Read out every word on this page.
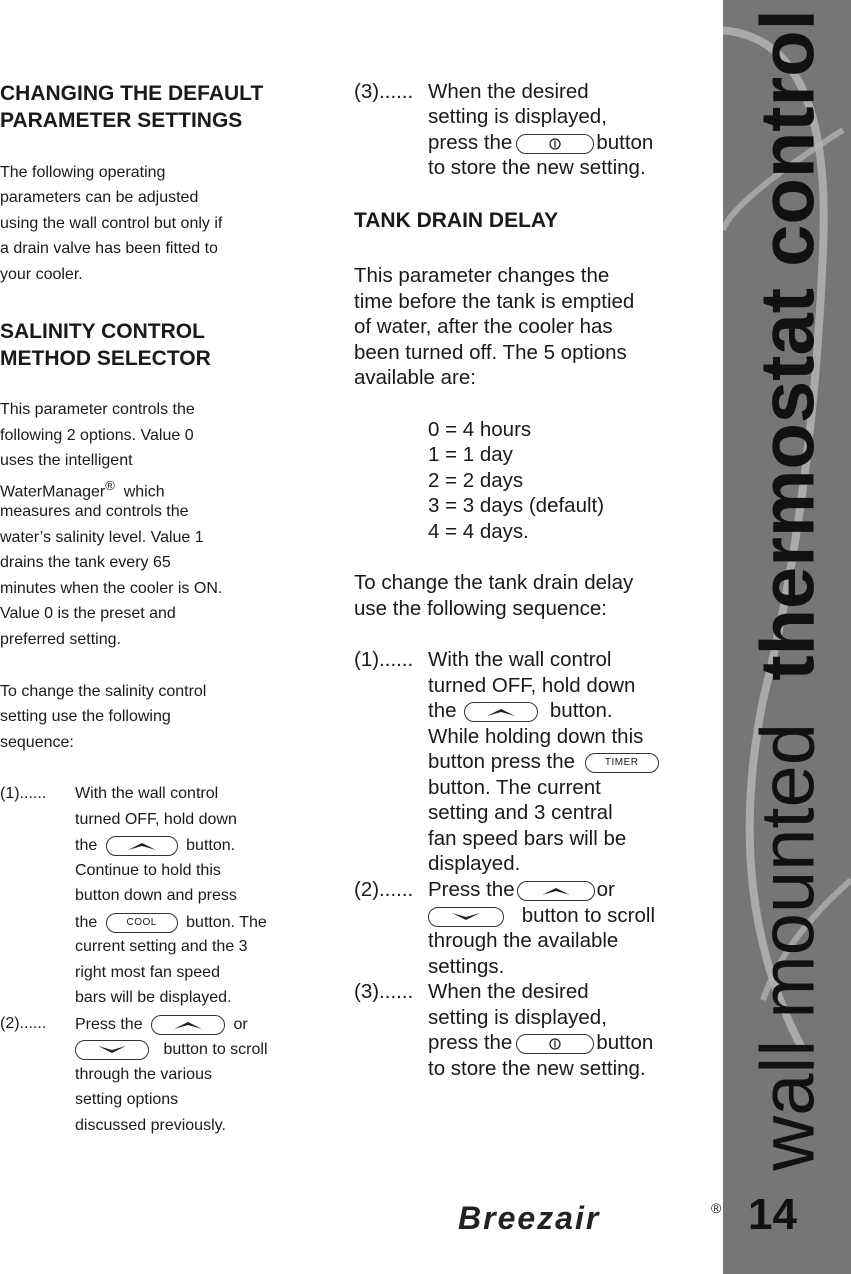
CHANGING THE DEFAULT
PARAMETER SETTINGS
The following operating
parameters can be adjusted
using the wall control but only if
a drain valve has been fitted to
your cooler.
SALINITY CONTROL
METHOD SELECTOR
This parameter controls the
following 2 options. Value 0
uses the intelligent
WaterManager® which
measures and controls the
water’s salinity level. Value 1
drains the tank every 65
minutes when the cooler is ON.
Value 0 is the preset and
preferred setting.
To change the salinity control
setting use the following
sequence:
(1)...... With the wall control
turned OFF, hold down
the	button.
Continue to hold this
button down and press
the	COOL	button. The
current setting and the 3
right most fan speed
bars will be displayed.
(2)...... Press the	or
button to scroll
through the various
setting options
discussed previously.
(3)...... When the desired
setting is displayed,
press the	button
to store the new setting.
TANK DRAIN DELAY
This parameter changes the
time before the tank is emptied
of water, after the cooler has
been turned off. The 5 options
available are:
0 = 4 hours
1 = 1 day
2 = 2 days
3 = 3 days (default)
4 = 4 days.
To change the tank drain delay
use the following sequence:
(1)...... With the wall control
turned OFF, hold down
the	button.
While holding down this
button press the	TIMER
button. The current
setting and 3 central
fan speed bars will be
displayed.
(2)...... Press the	or
button to scroll
through the available
settings.
(3)...... When the desired
setting is displayed,
press the	button
to store the new setting. wall mounted  thermostat control
14
Breezair	®
